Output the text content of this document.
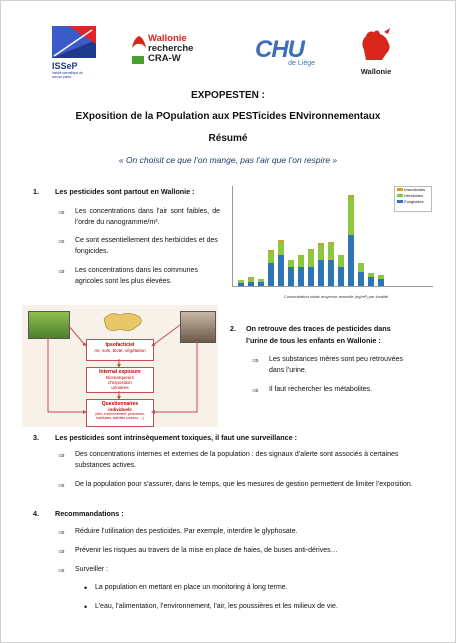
ISSeP
Institut scientifique de service public
Wallonie
recherche
CRA-W	CHU
de Liège
Wallonie
EXPOPESTEN :
EXposition de la POpulation aux PESTicides ENvironnementaux
Résumé
« On choisit ce que l’on mange, pas l’air que l’on respire »
1. Les pesticides sont partout en Wallonie :
⇒ Les concentrations dans l’air sont faibles, de l’ordre du nanogramme/m³.
⇒ Ce sont essentiellement des herbicides et des fongicides.
⇒ Les concentrations dans les communes agricoles sont les plus élevées.
Insecticides
Herbicides
Fongicides
Concentration totale moyenne annuelle (ng/m³) par localité
Ipsofacticiel
Air, sols, biote, végétation
Internal exposure
Biomarqueurs
d’exposition
urinaires
Questionnaires
individuels
(diet, environnement, personnes, habitudes, activités sources, ...)
2. On retrouve des traces de pesticides dans
l’urine de tous les enfants en Wallonie :
⇒ Les substances mères sont peu retrouvées dans l’urine.
⇒ Il faut rechercher les métabolites.
3. Les pesticides sont intrinsèquement toxiques, il faut une surveillance :
⇒ Des concentrations internes et externes de la population : des signaux d’alerte sont associés à certaines substances actives.
⇒ De la population pour s’assurer, dans le temps, que les mesures de gestion permettent de limiter l’exposition.
4. Recommandations :
⇒ Réduire l’utilisation des pesticides. Par exemple, interdire le glyphosate.
⇒ Prévenir les risques au travers de la mise en place de haies, de buses anti-dérives…
⇒ Surveiller :
• La population en mettant en place un monitoring à long terme.
• L’eau, l’alimentation, l’environnement, l’air, les poussières et les milieux de vie.
